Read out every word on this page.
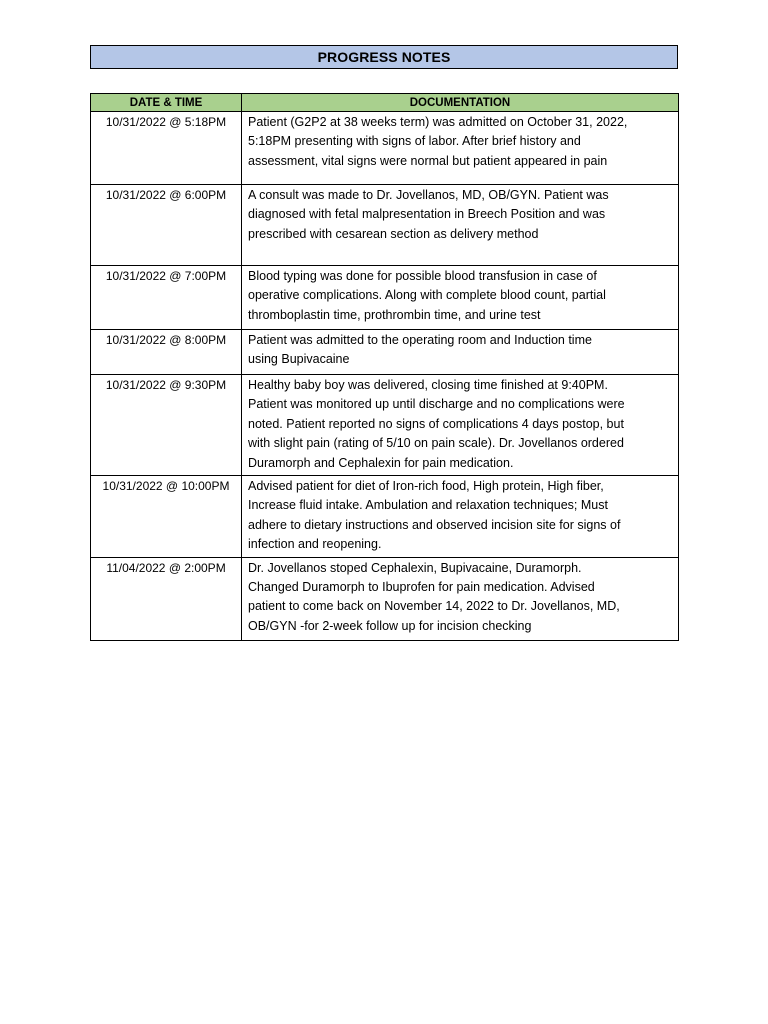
PROGRESS NOTES
DATE & TIME	DOCUMENTATION
10/31/2022 @ 5:18PM	Patient (G2P2 at 38 weeks term) was admitted on October 31, 2022,
5:18PM presenting with signs of labor. After brief history and
assessment, vital signs were normal but patient appeared in pain

10/31/2022 @ 6:00PM	A consult was made to Dr. Jovellanos, MD, OB/GYN. Patient was
diagnosed with fetal malpresentation in Breech Position and was
prescribed with cesarean section as delivery method

10/31/2022 @ 7:00PM	Blood typing was done for possible blood transfusion in case of
operative complications. Along with complete blood count, partial
thromboplastin time, prothrombin time, and urine test

10/31/2022 @ 8:00PM	Patient was admitted to the operating room and Induction time
using Bupivacaine

10/31/2022 @ 9:30PM	Healthy baby boy was delivered, closing time finished at 9:40PM.
Patient was monitored up until discharge and no complications were
noted. Patient reported no signs of complications 4 days postop, but
with slight pain (rating of 5/10 on pain scale). Dr. Jovellanos ordered
Duramorph and Cephalexin for pain medication.

10/31/2022 @ 10:00PM	Advised patient for diet of Iron-rich food, High protein, High fiber,
Increase fluid intake. Ambulation and relaxation techniques; Must
adhere to dietary instructions and observed incision site for signs of
infection and reopening.

11/04/2022 @ 2:00PM	Dr. Jovellanos stoped Cephalexin, Bupivacaine, Duramorph.
Changed Duramorph to Ibuprofen for pain medication. Advised
patient to come back on November 14, 2022 to Dr. Jovellanos, MD,
OB/GYN -for 2-week follow up for incision checking
